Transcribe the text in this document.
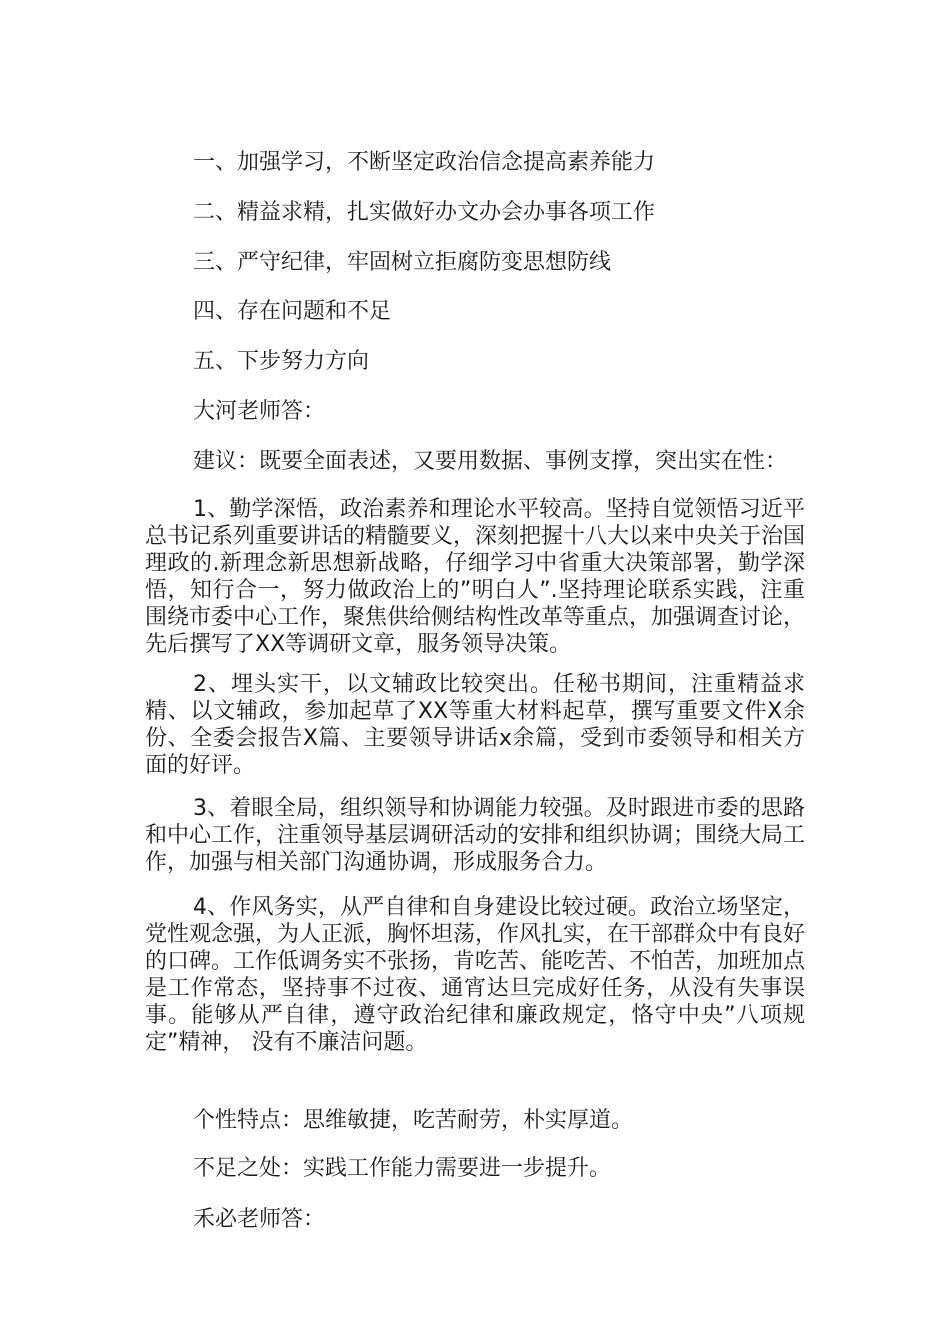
一、加强学习，不断坚定政治信念提高素养能力
二、精益求精，扎实做好办文办会办事各项工作
三、严守纪律，牢固树立拒腐防变思想防线
四、存在问题和不足
五、下步努力方向
大河老师答：
建议：既要全面表述，又要用数据、事例支撑，突出实在性：
1、勤学深悟，政治素养和理论水平较高。坚持自觉领悟习近平总书记系列重要讲话的精髓要义，深刻把握十八大以来中央关于治国理政的.新理念新思想新战略，仔细学习中省重大决策部署，勤学深悟，知行合一，努力做政治上的”明白人”.坚持理论联系实践，注重围绕市委中心工作，聚焦供给侧结构性改革等重点，加强调查讨论，先后撰写了XX等调研文章，服务领导决策。
2、埋头实干，以文辅政比较突出。任秘书期间，注重精益求精、以文辅政，参加起草了XX等重大材料起草，撰写重要文件X余份、全委会报告X篇、主要领导讲话x余篇，受到市委领导和相关方面的好评。
3、着眼全局，组织领导和协调能力较强。及时跟进市委的思路和中心工作，注重领导基层调研活动的安排和组织协调；围绕大局工作，加强与相关部门沟通协调，形成服务合力。
4、作风务实，从严自律和自身建设比较过硬。政治立场坚定，党性观念强，为人正派，胸怀坦荡，作风扎实，在干部群众中有良好的口碑。工作低调务实不张扬，肯吃苦、能吃苦、不怕苦，加班加点是工作常态，坚持事不过夜、通宵达旦完成好任务，从没有失事误事。能够从严自律，遵守政治纪律和廉政规定，恪守中央”八项规定”精神， 没有不廉洁问题。
个性特点：思维敏捷，吃苦耐劳，朴实厚道。
不足之处：实践工作能力需要进一步提升。
禾必老师答：
